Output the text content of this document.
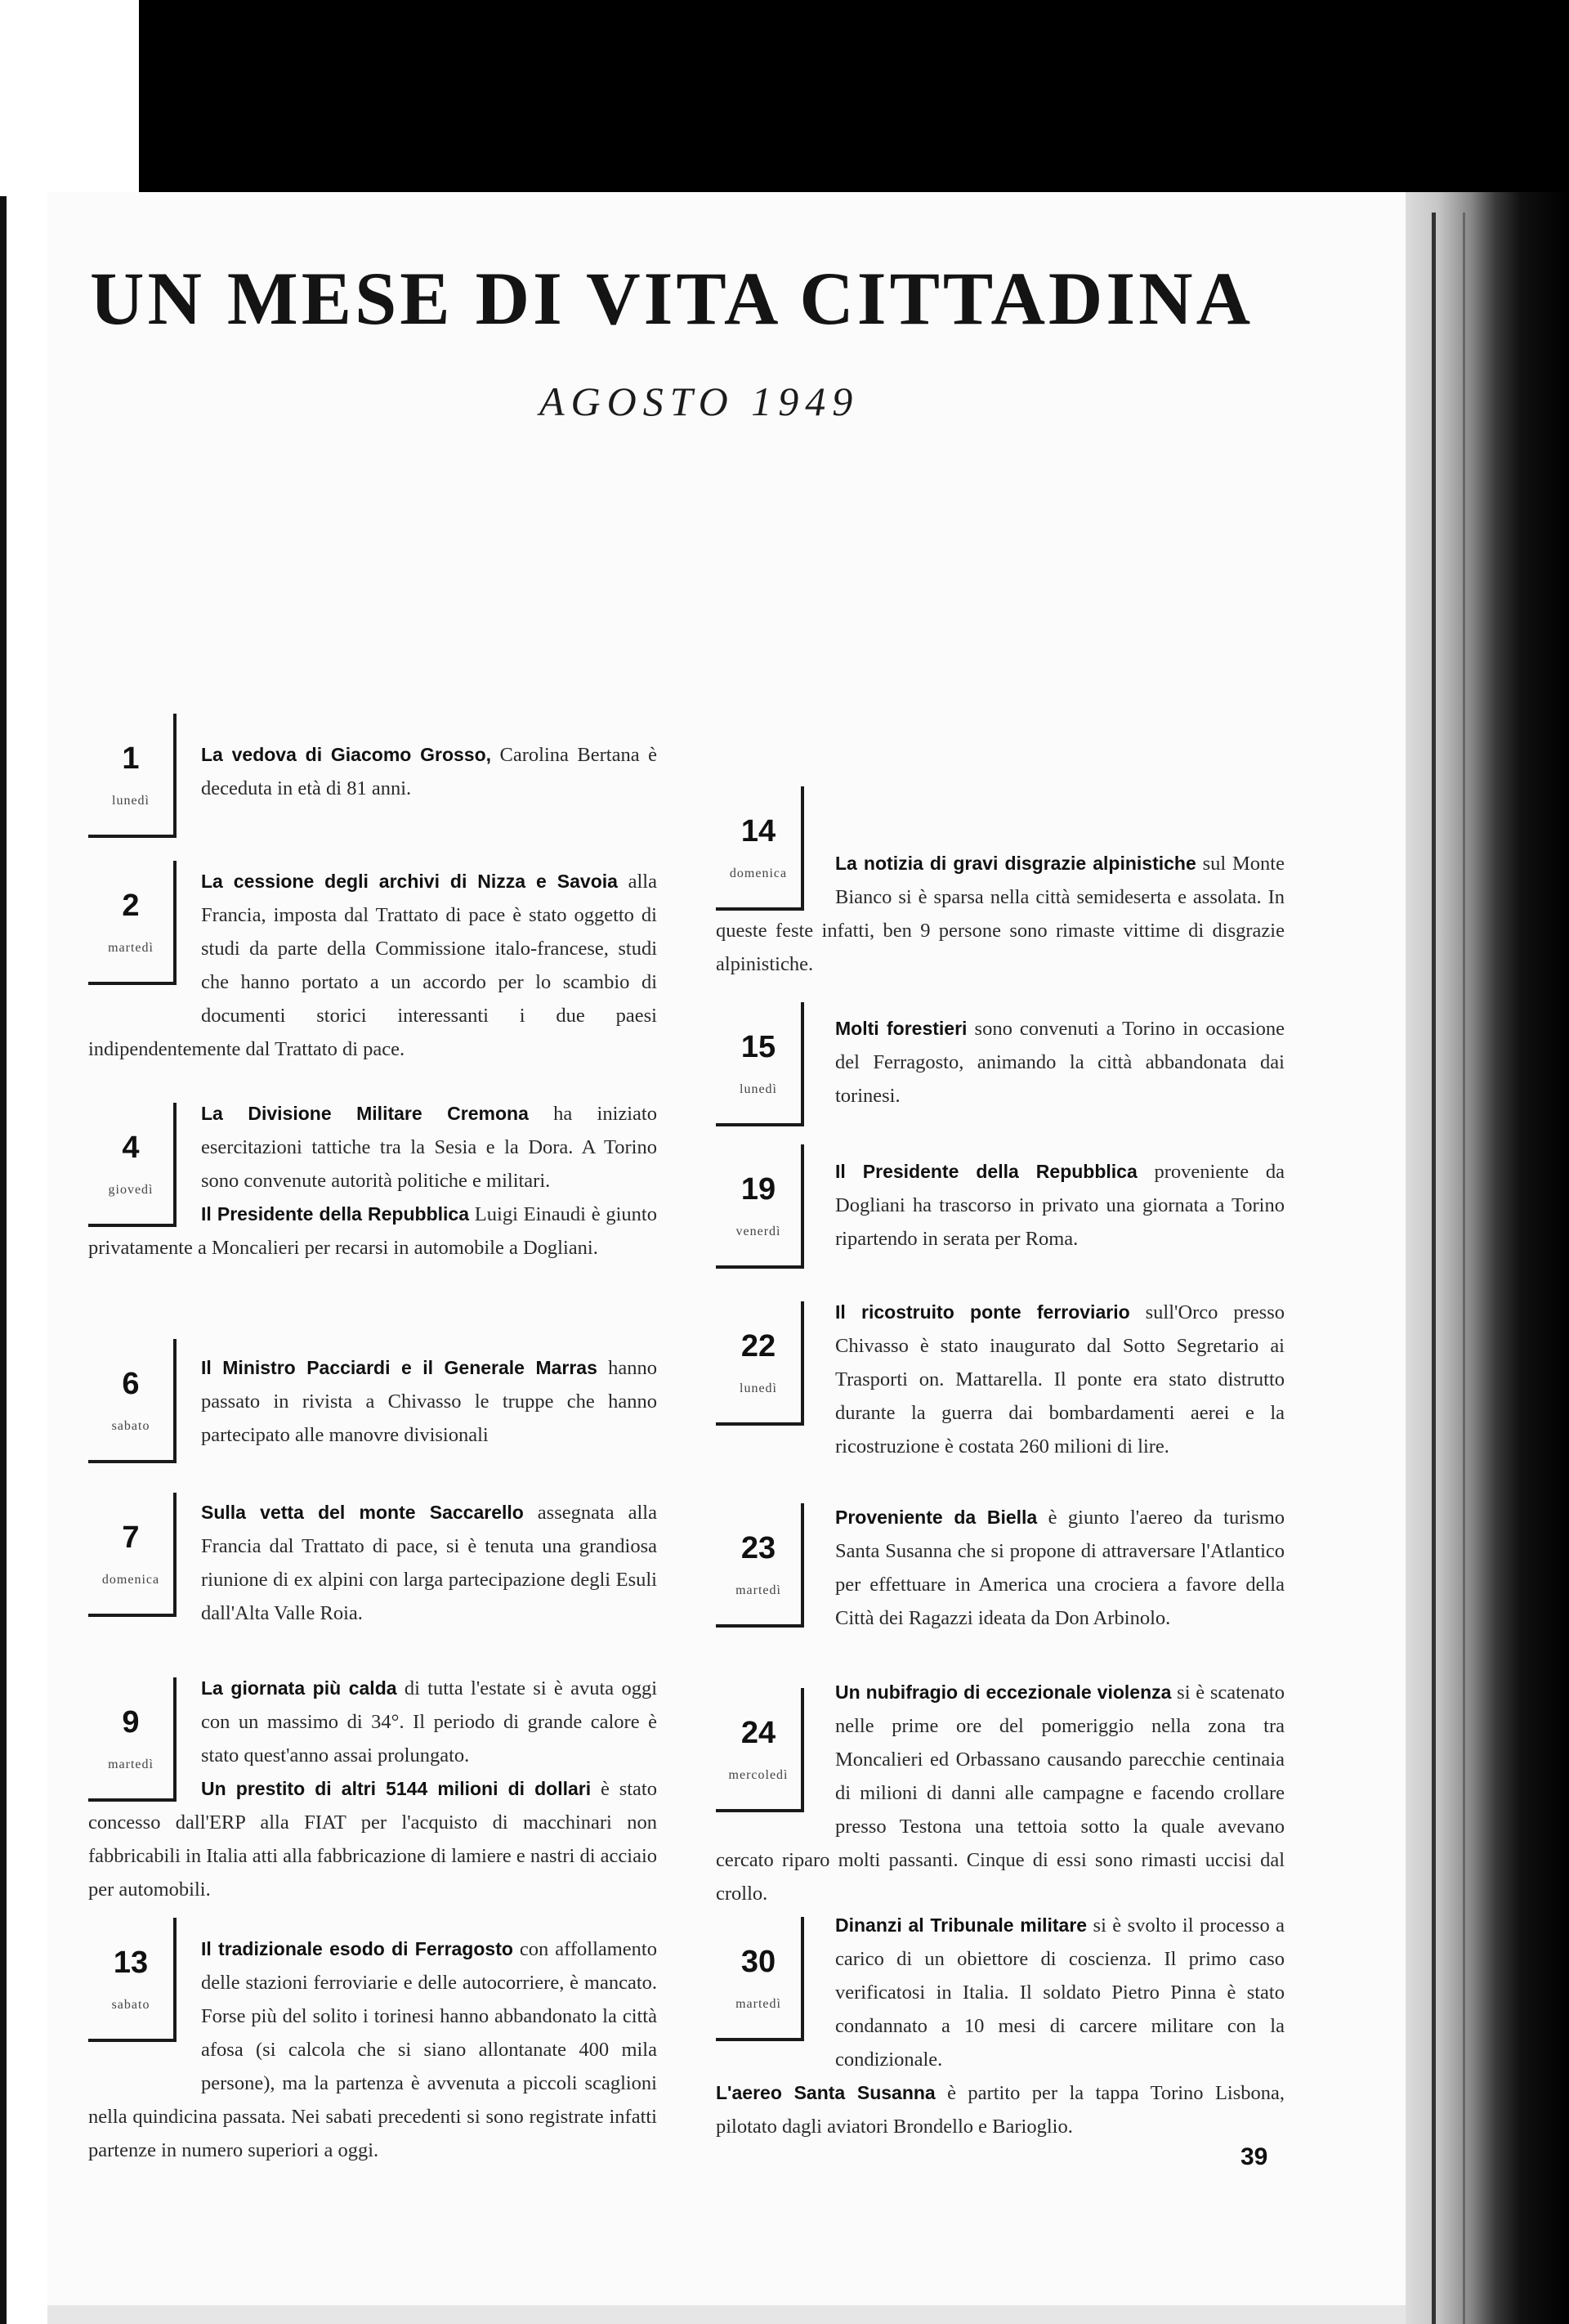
UN MESE DI VITA CITTADINA
AGOSTO 1949
1
lunedì
La vedova di Giacomo Grosso, Carolina Bertana è deceduta in età di 81 anni.
2
martedì
La cessione degli archivi di Nizza e Savoia alla Francia, imposta dal Trattato di pace è stato oggetto di studi da parte della Commissione italo-francese, studi che hanno portato a un accordo per lo scambio di documenti storici interessanti i due paesi indipendentemente dal Trattato di pace.
4
giovedì

La Divisione Militare Cremona ha iniziato esercitazioni tattiche tra la Sesia e la Dora. A Torino sono convenute autorità politiche e militari.

Il Presidente della Repubblica Luigi Einaudi è giunto privatamente a Moncalieri per recarsi in automobile a Dogliani.

6
sabato
Il Ministro Pacciardi e il Generale Marras hanno passato in rivista a Chivasso le truppe che hanno partecipato alle manovre divisionali
7
domenica
Sulla vetta del monte Saccarello assegnata alla Francia dal Trattato di pace, si è tenuta una grandiosa riunione di ex alpini con larga partecipazione degli Esuli dall'Alta Valle Roia.
9
martedì

La giornata più calda di tutta l'estate si è avuta oggi con un massimo di 34°. Il periodo di grande calore è stato quest'anno assai prolungato.

Un prestito di altri 5144 milioni di dollari è stato concesso dall'ERP alla FIAT per l'acquisto di macchinari non fabbricabili in Italia atti alla fabbricazione di lamiere e nastri di acciaio per automobili.

13
sabato
Il tradizionale esodo di Ferragosto con affollamento delle stazioni ferroviarie e delle autocorriere, è mancato. Forse più del solito i torinesi hanno abbandonato la città afosa (si calcola che si siano allontanate 400 mila persone), ma la partenza è avvenuta a piccoli scaglioni nella quindicina passata. Nei sabati precedenti si sono registrate infatti partenze in numero superiori a oggi.
14
domenica	La notizia di gravi disgrazie alpinistiche sul Monte Bianco si è sparsa nella città semideserta e assolata. In queste feste infatti, ben 9 persone sono rimaste vittime di disgrazie alpinistiche.
15
lunedì
Molti forestieri sono convenuti a Torino in occasione del Ferragosto, animando la città abbandonata dai torinesi.
19
venerdì
Il Presidente della Repubblica proveniente da Dogliani ha trascorso in privato una giornata a Torino ripartendo in serata per Roma.
22
lunedì
Il ricostruito ponte ferroviario sull'Orco presso Chivasso è stato inaugurato dal Sotto Segretario ai Trasporti on. Mattarella. Il ponte era stato distrutto durante la guerra dai bombardamenti aerei e la ricostruzione è costata 260 milioni di lire.
23
martedì
Proveniente da Biella è giunto l'aereo da turismo Santa Susanna che si propone di attraversare l'Atlantico per effettuare in America una crociera a favore della Città dei Ragazzi ideata da Don Arbinolo.
24
mercoledì
Un nubifragio di eccezionale violenza si è scatenato nelle prime ore del pomeriggio nella zona tra Moncalieri ed Orbassano causando parecchie centinaia di milioni di danni alle campagne e facendo crollare presso Testona una tettoia sotto la quale avevano cercato riparo molti passanti. Cinque di essi sono rimasti uccisi dal crollo.
30
martedì

Dinanzi al Tribunale militare si è svolto il processo a carico di un obiettore di coscienza. Il primo caso verificatosi in Italia. Il soldato Pietro Pinna è stato condannato a 10 mesi di carcere militare con la condizionale.

L'aereo Santa Susanna è partito per la tappa Torino Lisbona, pilotato dagli aviatori Brondello e Barioglio.

39
